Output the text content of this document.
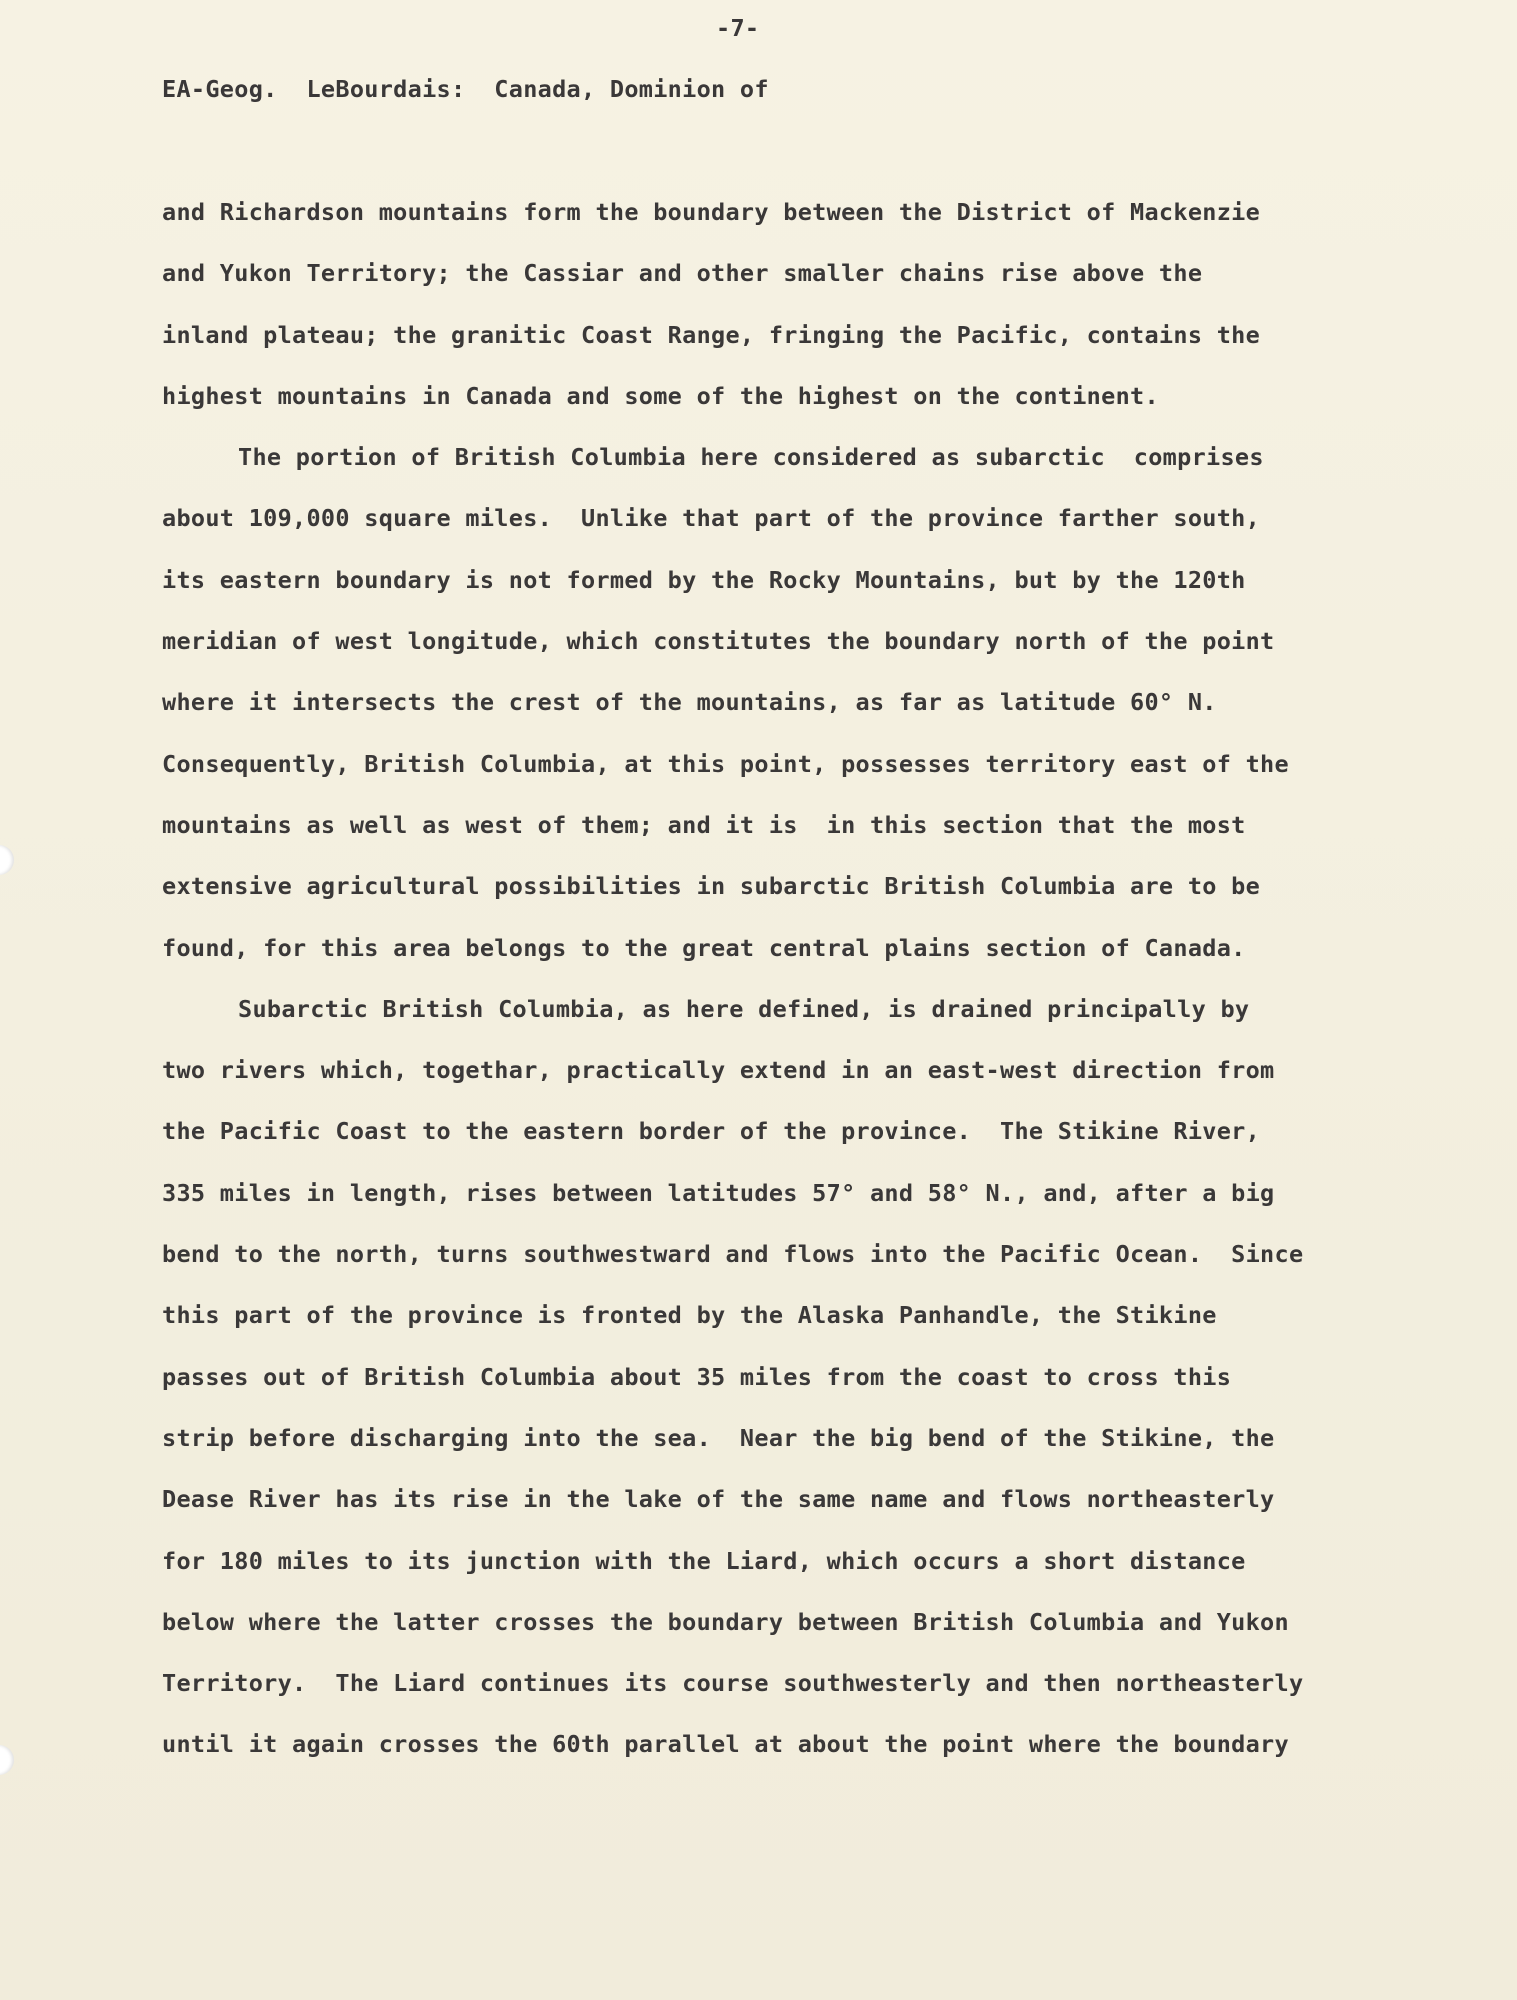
-7-

EA-Geog.  LeBourdais:  Canada, Dominion of

and Richardson mountains form the boundary between the District of Mackenzie
and Yukon Territory; the Cassiar and other smaller chains rise above the
inland plateau; the granitic Coast Range, fringing the Pacific, contains the
highest mountains in Canada and some of the highest on the continent.
The portion of British Columbia here considered as subarctic  comprises
about 109,000 square miles.  Unlike that part of the province farther south,
its eastern boundary is not formed by the Rocky Mountains, but by the 120th
meridian of west longitude, which constitutes the boundary north of the point
where it intersects the crest of the mountains, as far as latitude 60° N.
Consequently, British Columbia, at this point, possesses territory east of the
mountains as well as west of them; and it is  in this section that the most
extensive agricultural possibilities in subarctic British Columbia are to be
found, for this area belongs to the great central plains section of Canada.
Subarctic British Columbia, as here defined, is drained principally by
two rivers which, togethar, practically extend in an east-west direction from
the Pacific Coast to the eastern border of the province.  The Stikine River,
335 miles in length, rises between latitudes 57° and 58° N., and, after a big
bend to the north, turns southwestward and flows into the Pacific Ocean.  Since
this part of the province is fronted by the Alaska Panhandle, the Stikine
passes out of British Columbia about 35 miles from the coast to cross this
strip before discharging into the sea.  Near the big bend of the Stikine, the
Dease River has its rise in the lake of the same name and flows northeasterly
for 180 miles to its junction with the Liard, which occurs a short distance
below where the latter crosses the boundary between British Columbia and Yukon
Territory.  The Liard continues its course southwesterly and then northeasterly
until it again crosses the 60th parallel at about the point where the boundary
